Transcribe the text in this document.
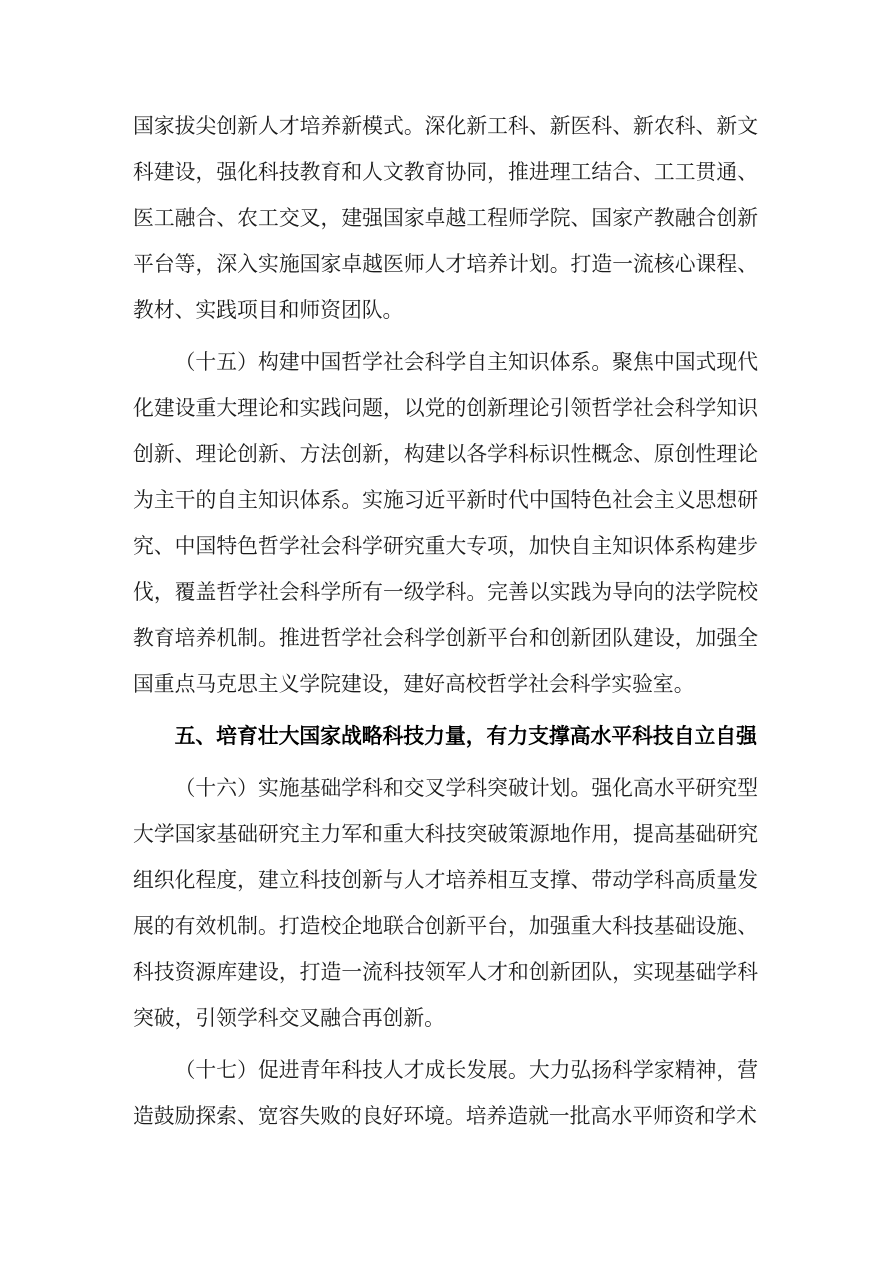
国家拔尖创新人才培养新模式。深化新工科、新医科、新农科、新文科建设，强化科技教育和人文教育协同，推进理工结合、工工贯通、医工融合、农工交叉，建强国家卓越工程师学院、国家产教融合创新平台等，深入实施国家卓越医师人才培养计划。打造一流核心课程、教材、实践项目和师资团队。

（十五）构建中国哲学社会科学自主知识体系。聚焦中国式现代化建设重大理论和实践问题，以党的创新理论引领哲学社会科学知识创新、理论创新、方法创新，构建以各学科标识性概念、原创性理论为主干的自主知识体系。实施习近平新时代中国特色社会主义思想研究、中国特色哲学社会科学研究重大专项，加快自主知识体系构建步伐，覆盖哲学社会科学所有一级学科。完善以实践为导向的法学院校教育培养机制。推进哲学社会科学创新平台和创新团队建设，加强全国重点马克思主义学院建设，建好高校哲学社会科学实验室。

五、培育壮大国家战略科技力量，有力支撑高水平科技自立自强

（十六）实施基础学科和交叉学科突破计划。强化高水平研究型大学国家基础研究主力军和重大科技突破策源地作用，提高基础研究组织化程度，建立科技创新与人才培养相互支撑、带动学科高质量发展的有效机制。打造校企地联合创新平台，加强重大科技基础设施、科技资源库建设，打造一流科技领军人才和创新团队，实现基础学科突破，引领学科交叉融合再创新。

（十七）促进青年科技人才成长发展。大力弘扬科学家精神，营造鼓励探索、宽容失败的良好环境。培养造就一批高水平师资和学术
